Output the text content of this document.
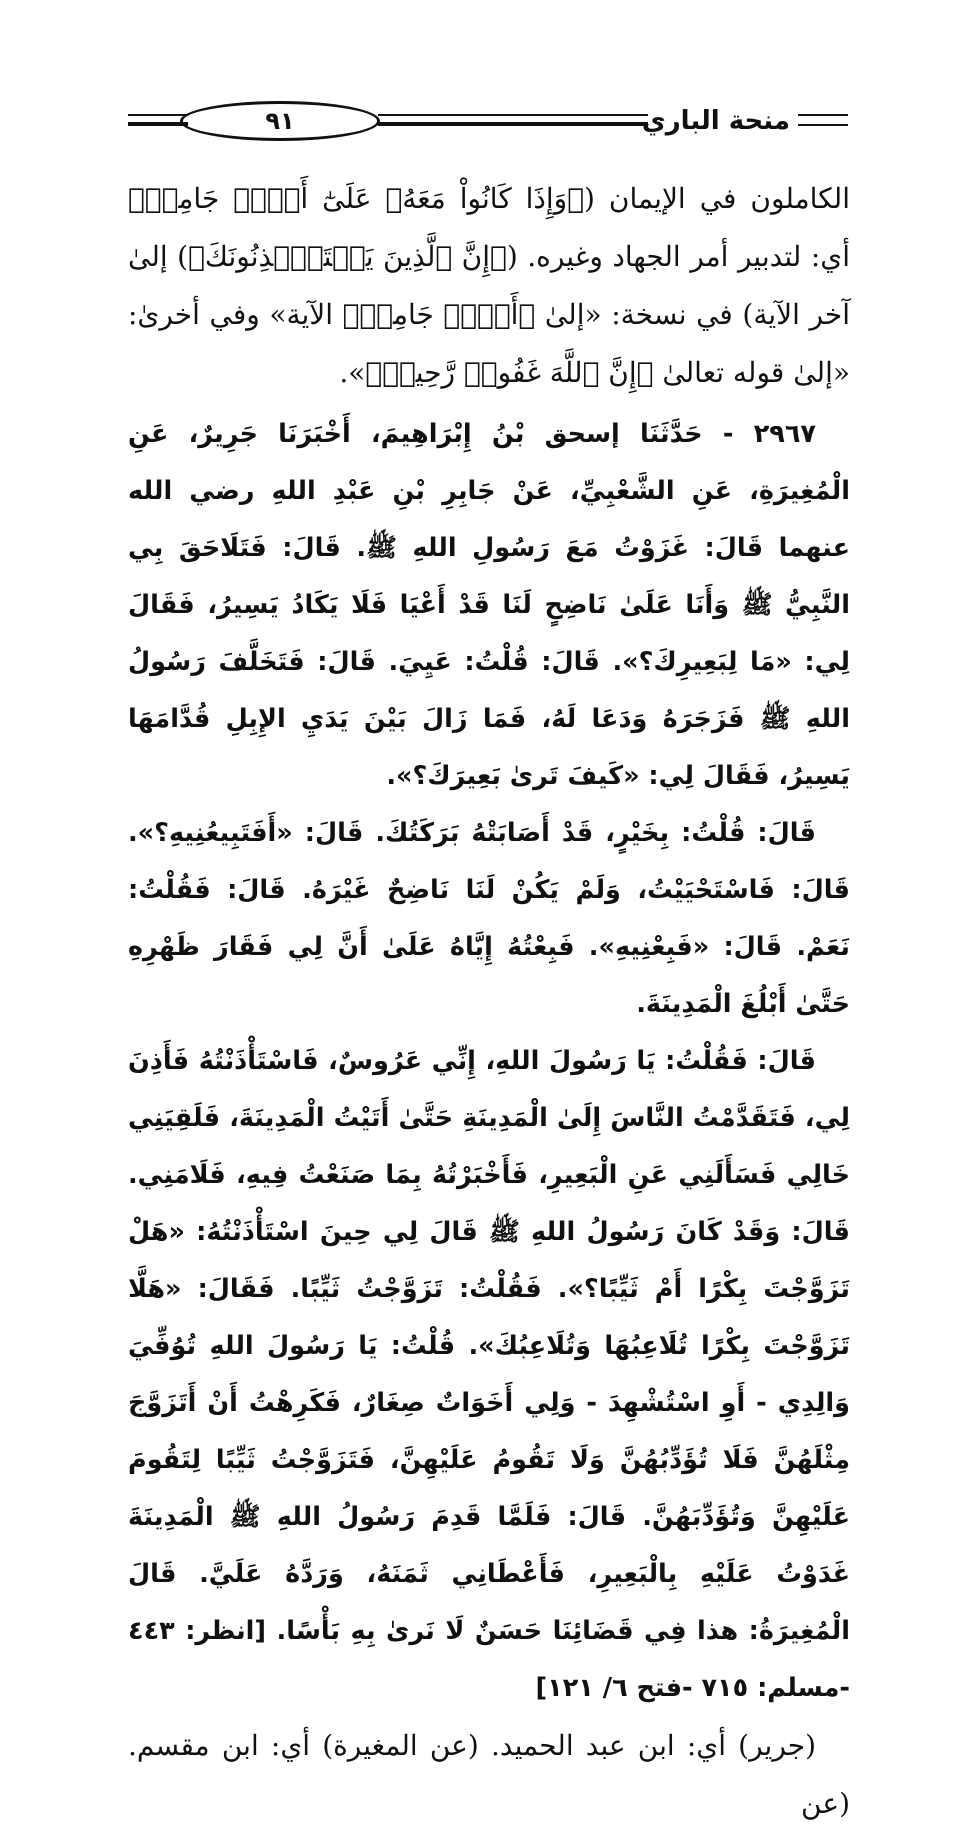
منحة الباري
٩١

الكاملون في الإيمان (﴿وَإِذَا كَانُواْ مَعَهُۥ عَلَىٰٓ أَمۡرٖ جَامِعٖ﴾ أي: لتدبير أمر الجهاد وغيره. (﴿إِنَّ ٱلَّذِينَ يَسۡتَـٔۡذِنُونَكَ﴾) إلىٰ آخر الآية) في نسخة: «إلىٰ ﴿أَمۡرٖ جَامِعٖ﴾ الآية» وفي أخرىٰ: «إلىٰ قوله تعالىٰ ﴿إِنَّ ٱللَّهَ غَفُورٞ رَّحِيمٞ﴾».

٢٩٦٧ - حَدَّثَنَا إسحق بْنُ إِبْرَاهِيمَ، أَخْبَرَنَا جَرِيرٌ، عَنِ الْمُغِيرَةِ، عَنِ الشَّعْبِيِّ، عَنْ جَابِرِ بْنِ عَبْدِ اللهِ رضي الله عنهما قَالَ: غَزَوْتُ مَعَ رَسُولِ اللهِ ﷺ. قَالَ: فَتَلَاحَقَ بِي النَّبِيُّ ﷺ وَأَنَا عَلَىٰ نَاضِحٍ لَنَا قَدْ أَعْيَا فَلَا يَكَادُ يَسِيرُ، فَقَالَ لِي: «مَا لِبَعِيرِكَ؟». قَالَ: قُلْتُ: عَيِيَ. قَالَ: فَتَخَلَّفَ رَسُولُ اللهِ ﷺ فَزَجَرَهُ وَدَعَا لَهُ، فَمَا زَالَ بَيْنَ يَدَيِ الإِبِلِ قُدَّامَهَا يَسِيرُ، فَقَالَ لِي: «كَيفَ تَرىٰ بَعِيرَكَ؟».

قَالَ: قُلْتُ: بِخَيْرٍ، قَدْ أَصَابَتْهُ بَرَكَتُكَ. قَالَ: «أَفَتَبِيعُنِيهِ؟». قَالَ: فَاسْتَحْيَيْتُ، وَلَمْ يَكُنْ لَنَا نَاضِحٌ غَيْرَهُ. قَالَ: فَقُلْتُ: نَعَمْ. قَالَ: «فَبِعْنِيهِ». فَبِعْتُهُ إِيَّاهُ عَلَىٰ أَنَّ لِي فَقَارَ ظَهْرِهِ حَتَّىٰ أَبْلُغَ الْمَدِينَةَ.

قَالَ: فَقُلْتُ: يَا رَسُولَ اللهِ، إِنِّي عَرُوسٌ، فَاسْتَأْذَنْتُهُ فَأَذِنَ لِي، فَتَقَدَّمْتُ النَّاسَ إِلَىٰ الْمَدِينَةِ حَتَّىٰ أَتَيْتُ الْمَدِينَةَ، فَلَقِيَنِي خَالِي فَسَأَلَنِي عَنِ الْبَعِيرِ، فَأَخْبَرْتُهُ بِمَا صَنَعْتُ فِيهِ، فَلَامَنِي. قَالَ: وَقَدْ كَانَ رَسُولُ اللهِ ﷺ قَالَ لِي حِينَ اسْتَأْذَنْتُهُ: «هَلْ تَزَوَّجْتَ بِكْرًا أَمْ ثَيِّبًا؟». فَقُلْتُ: تَزَوَّجْتُ ثَيِّبًا. فَقَالَ: «هَلَّا تَزَوَّجْتَ بِكْرًا تُلَاعِبُهَا وَتُلَاعِبُكَ». قُلْتُ: يَا رَسُولَ اللهِ تُوُفِّيَ وَالِدِي - أَوِ اسْتُشْهِدَ - وَلِي أَخَوَاتٌ صِغَارٌ، فَكَرِهْتُ أَنْ أَتَزَوَّجَ مِثْلَهُنَّ فَلَا تُؤَدِّبُهُنَّ وَلَا تَقُومُ عَلَيْهِنَّ، فَتَزَوَّجْتُ ثَيِّبًا لِتَقُومَ عَلَيْهِنَّ وَتُؤَدِّبَهُنَّ. قَالَ: فَلَمَّا قَدِمَ رَسُولُ اللهِ ﷺ الْمَدِينَةَ غَدَوْتُ عَلَيْهِ بِالْبَعِيرِ، فَأَعْطَانِي ثَمَنَهُ، وَرَدَّهُ عَلَيَّ. قَالَ الْمُغِيرَةُ: هذا فِي قَضَائِنَا حَسَنٌ لَا نَرىٰ بِهِ بَأْسًا. [انظر: ٤٤٣ -مسلم: ٧١٥ -فتح ٦/ ١٢١]

(جرير) أي: ابن عبد الحميد. (عن المغيرة) أي: ابن مقسم. (عن
